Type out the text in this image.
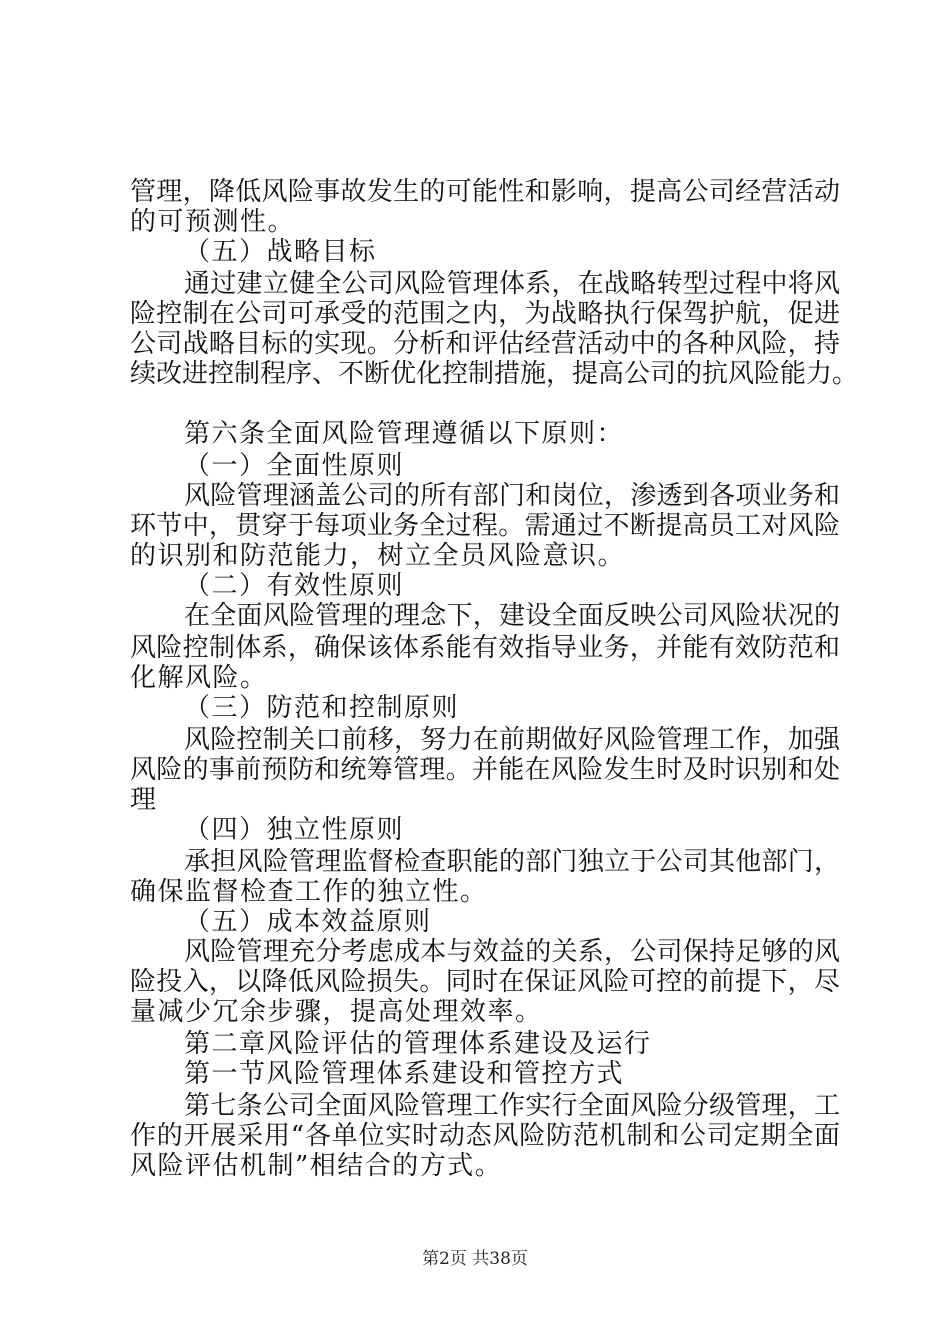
管理，降低风险事故发生的可能性和影响，提高公司经营活动
的可预测性。
（五）战略目标
通过建立健全公司风险管理体系，在战略转型过程中将风
险控制在公司可承受的范围之内，为战略执行保驾护航，促进
公司战略目标的实现。分析和评估经营活动中的各种风险，持
续改进控制程序、不断优化控制措施，提高公司的抗风险能力。
第六条全面风险管理遵循以下原则：
（一）全面性原则
风险管理涵盖公司的所有部门和岗位，渗透到各项业务和
环节中，贯穿于每项业务全过程。需通过不断提高员工对风险
的识别和防范能力，树立全员风险意识。
（二）有效性原则
在全面风险管理的理念下，建设全面反映公司风险状况的
风险控制体系，确保该体系能有效指导业务，并能有效防范和
化解风险。
（三）防范和控制原则
风险控制关口前移，努力在前期做好风险管理工作，加强
风险的事前预防和统筹管理。并能在风险发生时及时识别和处
理
（四）独立性原则
承担风险管理监督检查职能的部门独立于公司其他部门，
确保监督检查工作的独立性。
（五）成本效益原则
风险管理充分考虑成本与效益的关系，公司保持足够的风
险投入，以降低风险损失。同时在保证风险可控的前提下，尽
量减少冗余步骤，提高处理效率。
第二章风险评估的管理体系建设及运行
第一节风险管理体系建设和管控方式
第七条公司全面风险管理工作实行全面风险分级管理，工
作的开展采用“各单位实时动态风险防范机制和公司定期全面
风险评估机制”相结合的方式。
第2页 共38页
